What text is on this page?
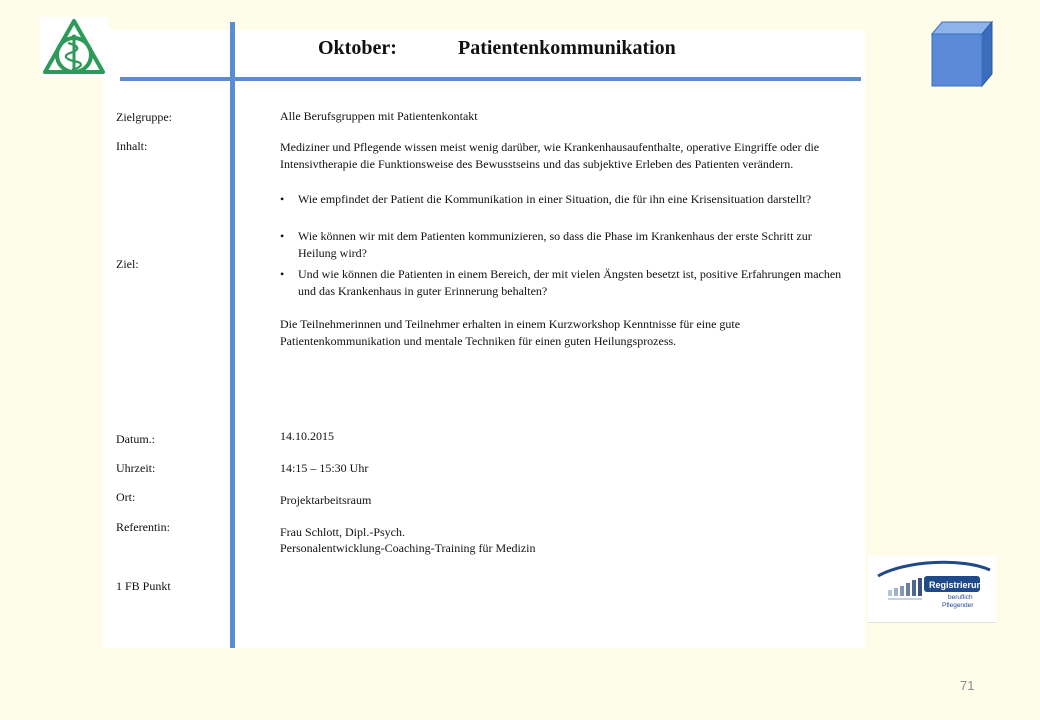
Oktober:	Patientenkommunikation
Zielgruppe:
Inhalt:
Ziel:
Datum.:
Uhrzeit:
Ort:
Referentin:
1 FB Punkt
Alle Berufsgruppen mit Patientenkontakt
Mediziner und Pflegende wissen meist wenig darüber, wie Krankenhausaufenthalte, operative Eingriffe oder die Intensivtherapie die Funktionsweise des Bewusstseins und das subjektive Erleben des Patienten verändern.
• Wie empfindet der Patient die Kommunikation in einer Situation, die für ihn eine Krisensituation darstellt?
• Wie können wir mit dem Patienten kommunizieren, so dass die Phase im Krankenhaus der erste Schritt zur Heilung wird?
• Und wie können die Patienten in einem Bereich, der mit vielen Ängsten besetzt ist, positive Erfahrungen machen und das Krankenhaus in guter Erinnerung behalten?
Die Teilnehmerinnen und Teilnehmer erhalten in einem Kurzworkshop Kenntnisse für eine gute Patientenkommunikation und mentale Techniken für einen guten Heilungsprozess.
14.10.2015
14:15 – 15:30 Uhr
Projektarbeitsraum
Frau Schlott, Dipl.-Psych.
Personalentwicklung-Coaching-Training für Medizin
Registrierung
beruflich
Pflegender
71
